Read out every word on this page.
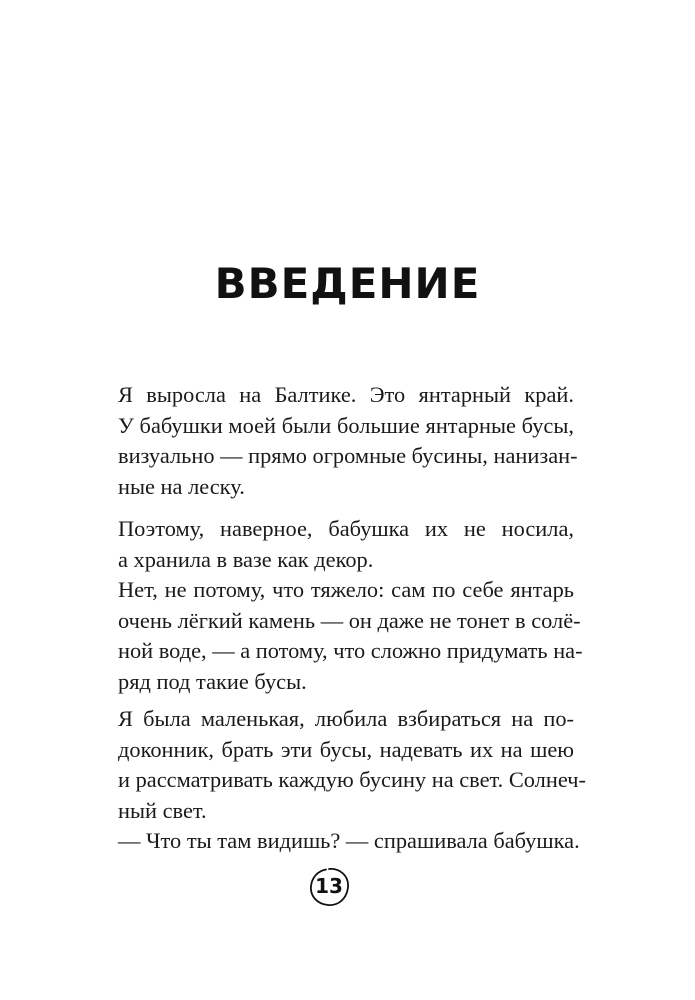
ВВЕДЕНИЕ
Я выросла на Балтике. Это янтарный край.
У бабушки моей были большие янтарные бусы,
визуально — прямо огромные бусины, нанизан-
ные на леску.
Поэтому, наверное, бабушка их не носила,
а хранила в вазе как декор.
Нет, не потому, что тяжело: сам по себе янтарь
очень лёгкий камень — он даже не тонет в солё-
ной воде, — а потому, что сложно придумать на-
ряд под такие бусы.
Я была маленькая, любила взбираться на по-
доконник, брать эти бусы, надевать их на шею
и рассматривать каждую бусину на свет. Солнеч-
ный свет.
— Что ты там видишь? — спрашивала бабушка.
13
